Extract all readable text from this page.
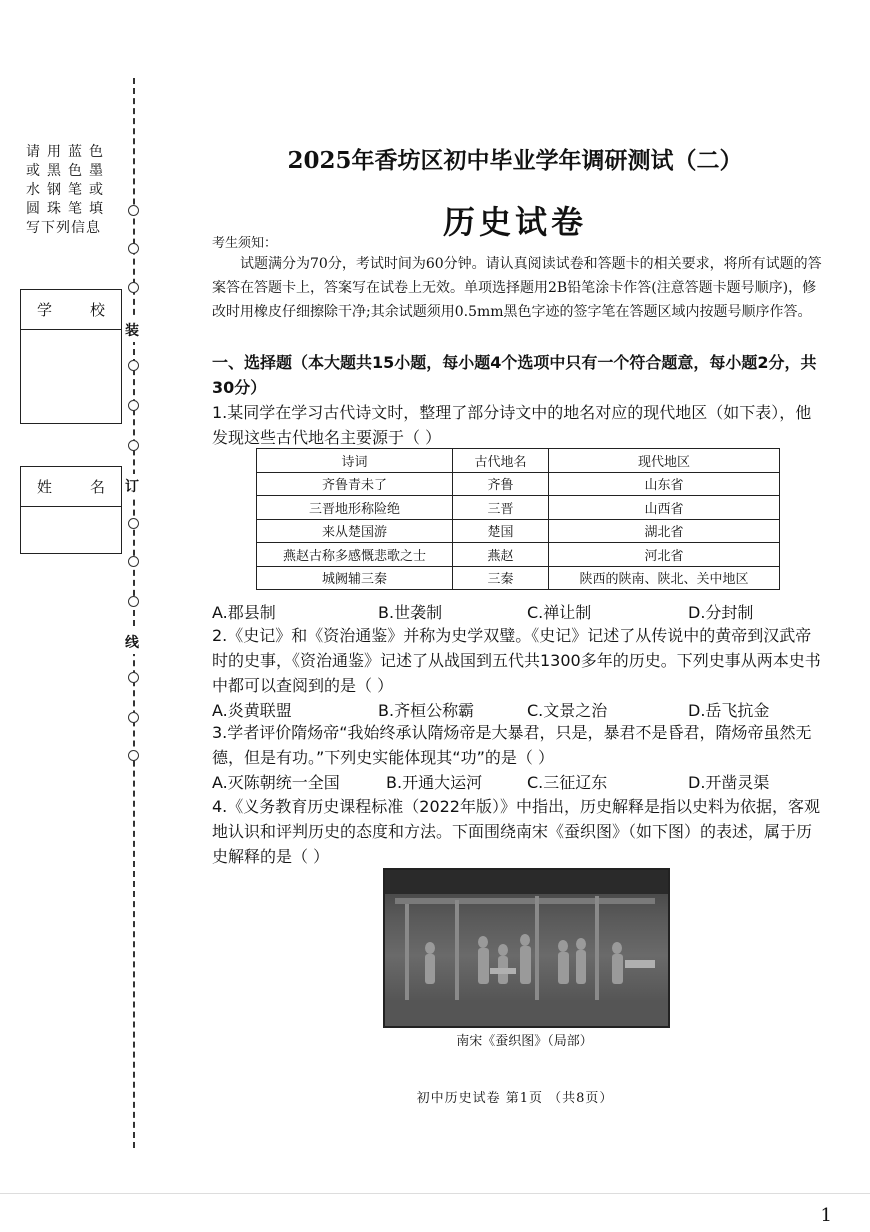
请用蓝色
或黑色墨
水钢笔或
圆珠笔填
写下列信息
学	校
姓	名
装
订
线
2025年香坊区初中毕业学年调研测试（二）
历史试卷
考生须知：
试题满分为70分，考试时间为60分钟。请认真阅读试卷和答题卡的相关要求，将所有试题的答案答在答题卡上，答案写在试卷上无效。单项选择题用2B铅笔涂卡作答(注意答题卡题号顺序)，修改时用橡皮仔细擦除干净;其余试题须用0.5mm黑色字迹的签字笔在答题区域内按题号顺序作答。
一、选择题（本大题共15小题，每小题4个选项中只有一个符合题意，每小题2分，共30分）
1.某同学在学习古代诗文时，整理了部分诗文中的地名对应的现代地区（如下表），他发现这些古代地名主要源于（ ）
诗词	古代地名	现代地区
齐鲁青未了	齐鲁	山东省
三晋地形称险绝	三晋	山西省
来从楚国游	楚国	湖北省
燕赵古称多感慨悲歌之士	燕赵	河北省
城阙辅三秦	三秦	陕西的陕南、陕北、关中地区
A.郡县制	B.世袭制	C.禅让制	D.分封制
2.《史记》和《资治通鉴》并称为史学双璧。《史记》记述了从传说中的黄帝到汉武帝时的史事，《资治通鉴》记述了从战国到五代共1300多年的历史。下列史事从两本史书中都可以查阅到的是（ ）
A.炎黄联盟	B.齐桓公称霸	C.文景之治	D.岳飞抗金
3.学者评价隋炀帝“我始终承认隋炀帝是大暴君，只是，暴君不是昏君，隋炀帝虽然无德，但是有功。”下列史实能体现其“功”的是（ ）
A.灭陈朝统一全国	B.开通大运河	C.三征辽东	D.开凿灵渠
4.《义务教育历史课程标准（2022年版）》中指出，历史解释是指以史料为依据，客观地认识和评判历史的态度和方法。下面围绕南宋《蚕织图》（如下图）的表述，属于历史解释的是（ ）
南宋《蚕织图》（局部）
初中历史试卷 第1页 （共8页）
1
